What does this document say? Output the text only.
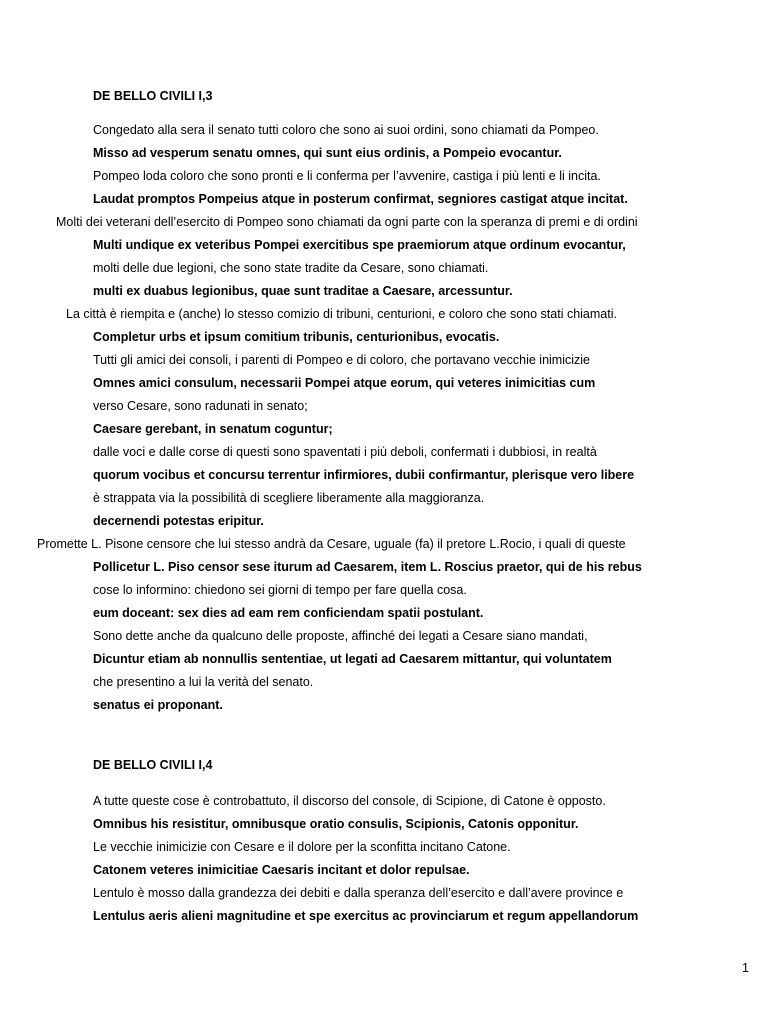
DE BELLO CIVILI I,3
Congedato alla sera il senato tutti coloro che sono ai suoi ordini, sono chiamati da Pompeo.
Misso ad vesperum senatu omnes, qui sunt eius ordinis, a Pompeio evocantur.
Pompeo loda coloro che sono pronti e li conferma per l’avvenire, castiga i più lenti e li incita.
Laudat promptos Pompeius atque in posterum confirmat, segniores castigat atque incitat.
Molti dei veterani dell’esercito di Pompeo sono chiamati da ogni parte con la speranza di premi e di ordini
Multi undique ex veteribus Pompei exercitibus spe praemiorum atque ordinum evocantur,
molti delle due legioni, che sono state tradite da Cesare, sono chiamati.
multi ex duabus legionibus, quae sunt traditae a Caesare, arcessuntur.
La città è riempita e (anche) lo stesso comizio di tribuni, centurioni, e coloro che sono stati chiamati.
Completur urbs et ipsum comitium tribunis, centurionibus, evocatis.
Tutti gli amici dei consoli, i parenti di Pompeo e di coloro, che portavano vecchie inimicizie
Omnes amici consulum, necessarii Pompei atque eorum, qui veteres inimicitias cum
verso Cesare, sono radunati in senato;
Caesare gerebant, in senatum coguntur;
dalle voci e dalle corse di questi sono spaventati i più deboli, confermati i dubbiosi, in realtà
quorum vocibus et concursu terrentur infirmiores, dubii confirmantur, plerisque vero libere
è strappata via la possibilità di scegliere liberamente alla maggioranza.
decernendi potestas eripitur.
Promette L. Pisone censore che lui stesso andrà da Cesare, uguale (fa) il pretore L.Rocio, i quali di queste
Pollicetur L. Piso censor sese iturum ad Caesarem, item L. Roscius praetor, qui de his rebus
cose lo informino: chiedono sei giorni di tempo per fare quella cosa.
eum doceant: sex dies ad eam rem conficiendam spatii postulant.
Sono dette anche da qualcuno delle proposte, affinché dei legati a Cesare siano mandati,
Dicuntur etiam ab nonnullis sententiae, ut legati ad Caesarem mittantur, qui voluntatem
che presentino a lui la verità del senato.
senatus ei proponant.
DE BELLO CIVILI I,4
A tutte queste cose è controbattuto, il discorso del console, di Scipione, di Catone è opposto.
Omnibus his resistitur, omnibusque oratio consulis, Scipionis, Catonis opponitur.
Le vecchie inimicizie con Cesare e il dolore per la sconfitta incitano Catone.
Catonem veteres inimicitiae Caesaris incitant et dolor repulsae.
Lentulo è mosso dalla grandezza dei debiti e dalla speranza dell’esercito e dall’avere province e
Lentulus aeris alieni magnitudine et spe exercitus ac provinciarum et regum appellandorum
1
